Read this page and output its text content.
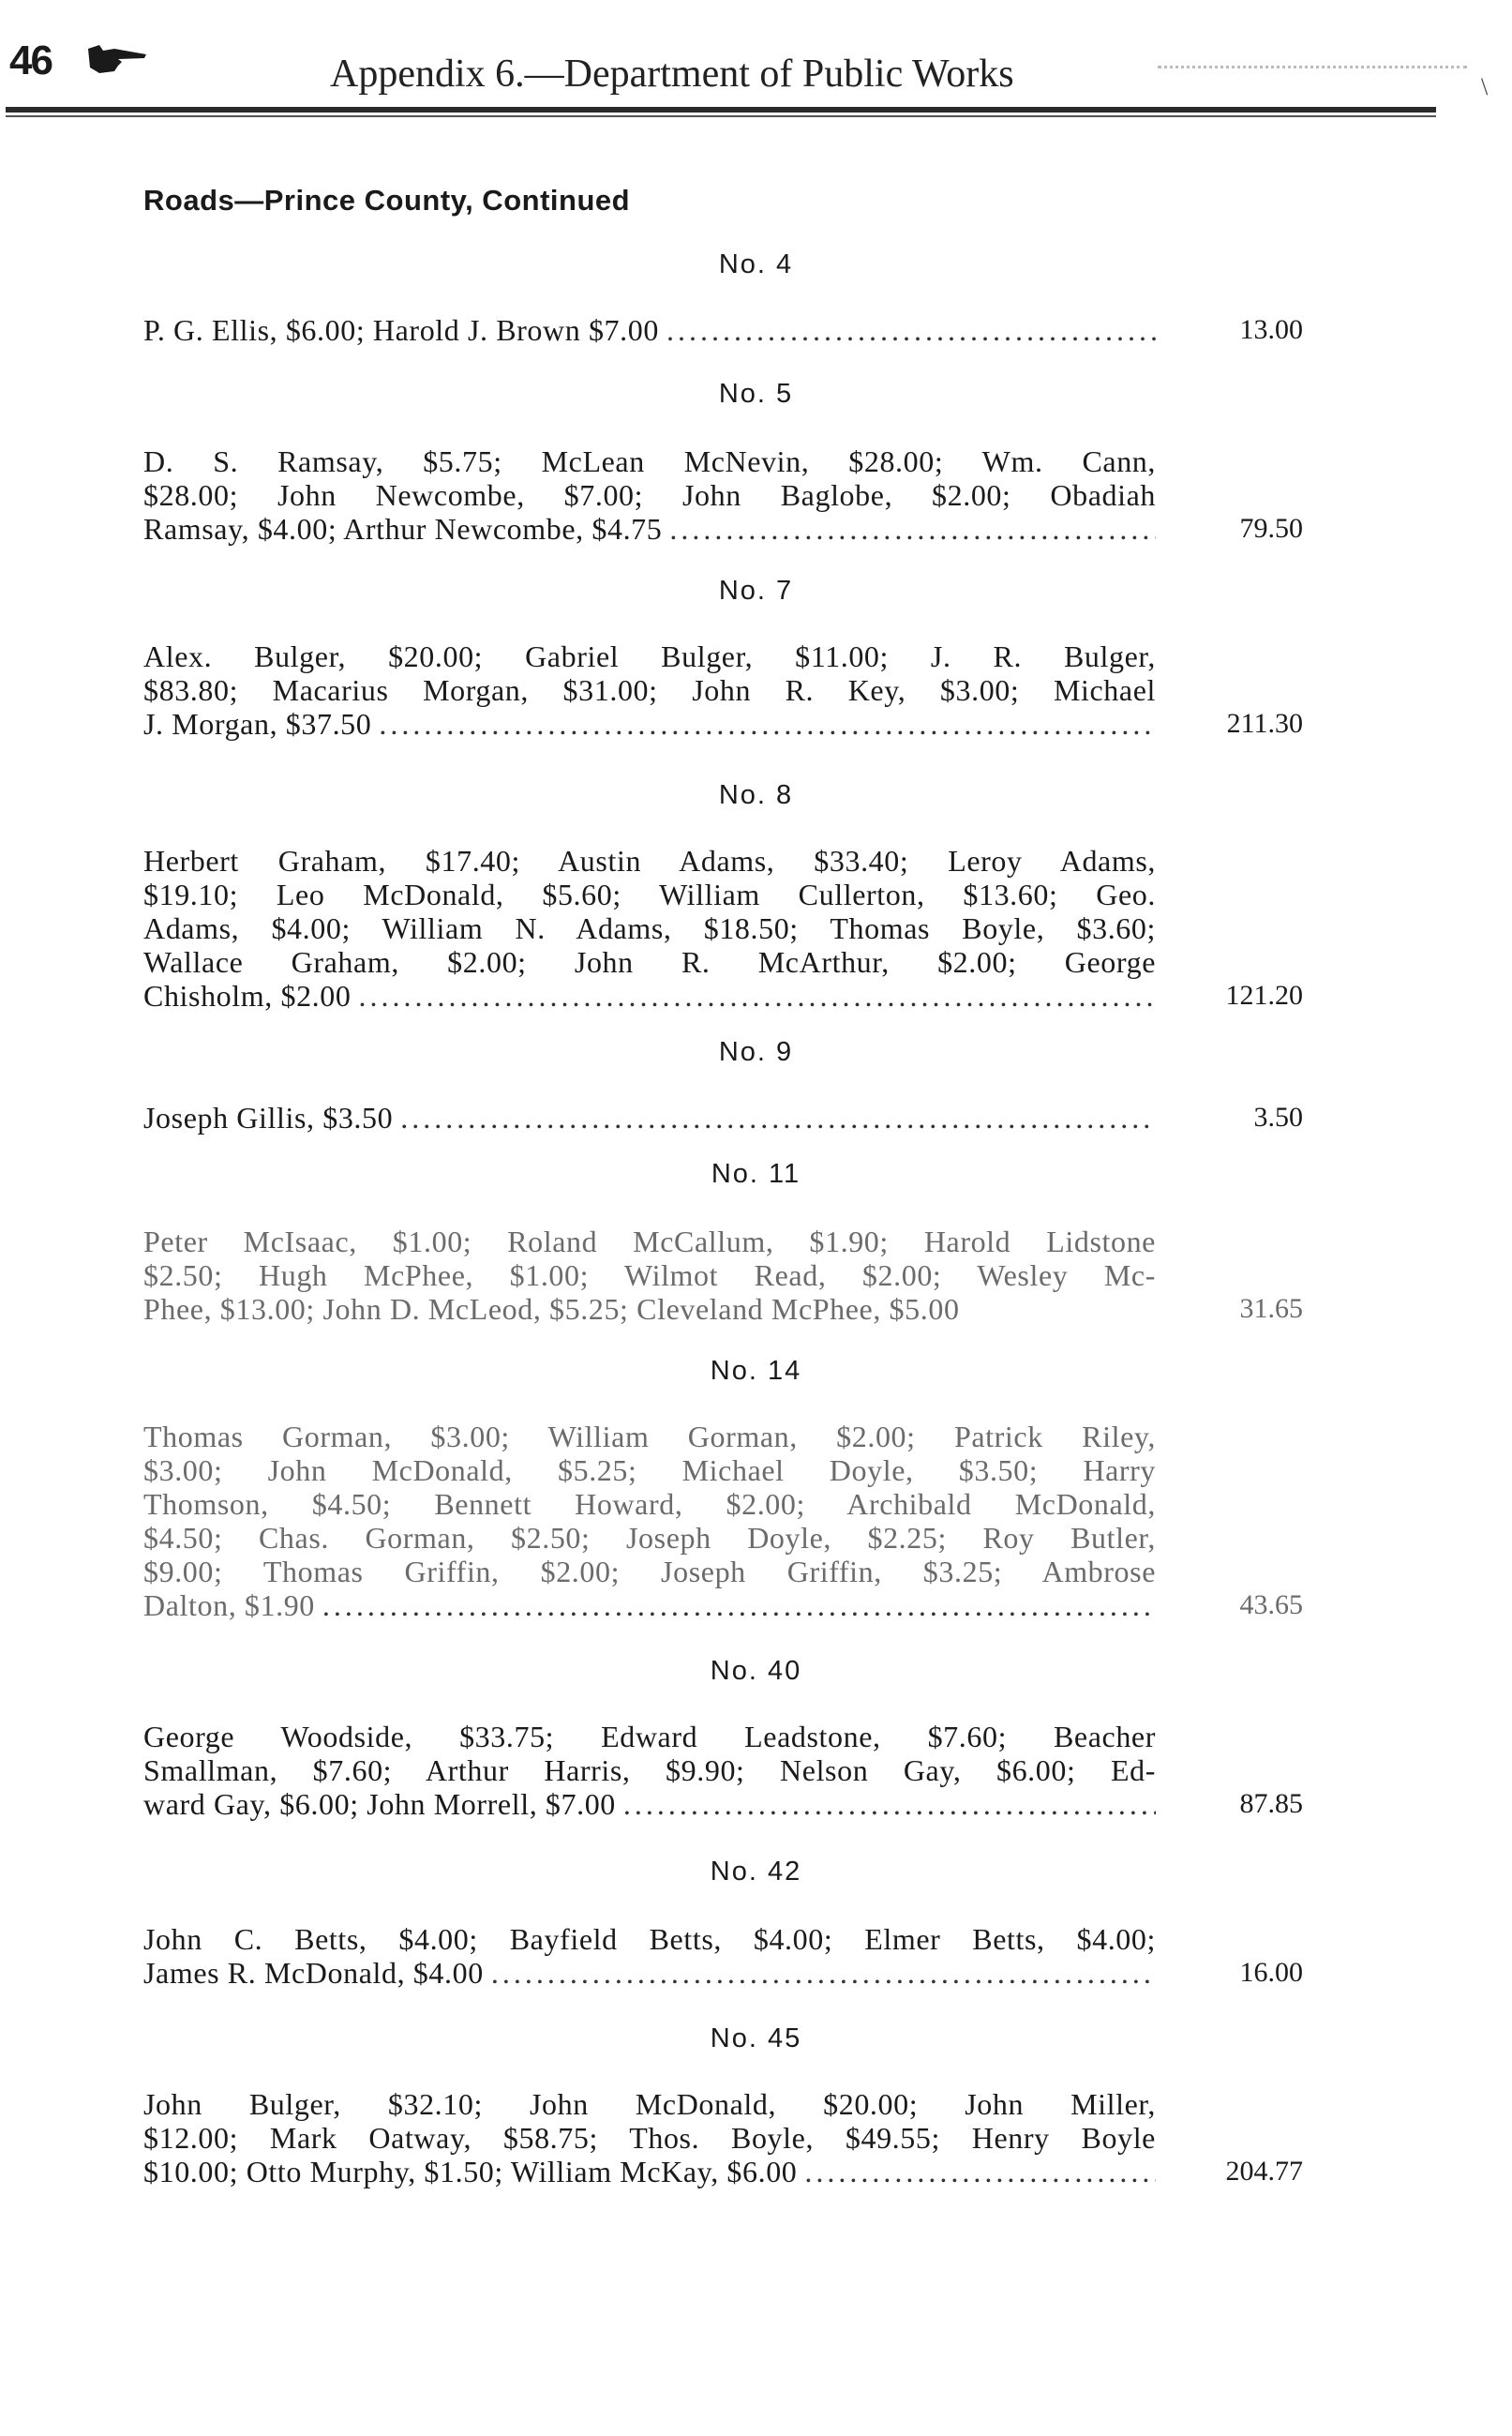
46	Appendix 6.—Department of Public Works	\
Roads—Prince County, Continued
No. 4
P. G. Ellis, $6.00; Harold J. Brown $7.00 .....	13.00
No. 5
D. S. Ramsay, $5.75; McLean McNevin, $28.00; Wm. Cann,
$28.00; John Newcombe, $7.00; John Baglobe, $2.00; Obadiah
Ramsay, $4.00; Arthur Newcombe, $4.75 .....	79.50
No. 7
Alex. Bulger, $20.00; Gabriel Bulger, $11.00; J. R. Bulger,
$83.80; Macarius Morgan, $31.00; John R. Key, $3.00; Michael
J. Morgan, $37.50 .....	211.30
No. 8
Herbert Graham, $17.40; Austin Adams, $33.40; Leroy Adams,
$19.10; Leo McDonald, $5.60; William Cullerton, $13.60; Geo.
Adams, $4.00; William N. Adams, $18.50; Thomas Boyle, $3.60;
Wallace Graham, $2.00; John R. McArthur, $2.00; George
Chisholm, $2.00 .....	121.20
No. 9
Joseph Gillis, $3.50 .....	3.50
No. 11
Peter McIsaac, $1.00; Roland McCallum, $1.90; Harold Lidstone
$2.50; Hugh McPhee, $1.00; Wilmot Read, $2.00; Wesley Mc-
Phee, $13.00; John D. McLeod, $5.25; Cleveland McPhee, $5.00	31.65
No. 14
Thomas Gorman, $3.00; William Gorman, $2.00; Patrick Riley,
$3.00; John McDonald, $5.25; Michael Doyle, $3.50; Harry
Thomson, $4.50; Bennett Howard, $2.00; Archibald McDonald,
$4.50; Chas. Gorman, $2.50; Joseph Doyle, $2.25; Roy Butler,
$9.00; Thomas Griffin, $2.00; Joseph Griffin, $3.25; Ambrose
Dalton, $1.90 .....	43.65
No. 40
George Woodside, $33.75; Edward Leadstone, $7.60; Beacher
Smallman, $7.60; Arthur Harris, $9.90; Nelson Gay, $6.00; Ed-
ward Gay, $6.00; John Morrell, $7.00 .....	87.85
No. 42
John C. Betts, $4.00; Bayfield Betts, $4.00; Elmer Betts, $4.00;
James R. McDonald, $4.00 .....	16.00
No. 45
John Bulger, $32.10; John McDonald, $20.00; John Miller,
$12.00; Mark Oatway, $58.75; Thos. Boyle, $49.55; Henry Boyle
$10.00; Otto Murphy, $1.50; William McKay, $6.00 .....	204.77
